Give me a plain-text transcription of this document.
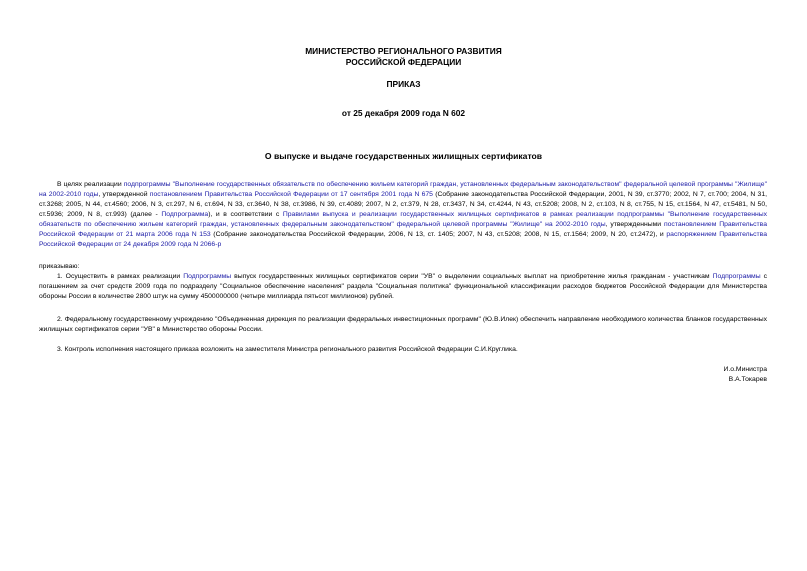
МИНИСТЕРСТВО РЕГИОНАЛЬНОГО РАЗВИТИЯ
РОССИЙСКОЙ ФЕДЕРАЦИИ
ПРИКАЗ
от 25 декабря 2009 года N 602
О выпуске и выдаче государственных жилищных сертификатов
В целях реализации подпрограммы "Выполнение государственных обязательств по обеспечению жильем категорий граждан, установленных федеральным законодательством" федеральной целевой программы "Жилище" на 2002-2010 годы, утвержденной постановлением Правительства Российской Федерации от 17 сентября 2001 года N 675 (Собрание законодательства Российской Федерации, 2001, N 39, ст.3770; 2002, N 7, ст.700; 2004, N 31, ст.3268; 2005, N 44, ст.4560; 2006, N 3, ст.297, N 6, ст.694, N 33, ст.3640, N 38, ст.3986, N 39, ст.4089; 2007, N 2, ст.379, N 28, ст.3437, N 34, ст.4244, N 43, ст.5208; 2008, N 2, ст.103, N 8, ст.755, N 15, ст.1564, N 47, ст.5481, N 50, ст.5936; 2009, N 8, ст.993) (далее - Подпрограмма), и в соответствии с Правилами выпуска и реализации государственных жилищных сертификатов в рамках реализации подпрограммы "Выполнение государственных обязательств по обеспечению жильем категорий граждан, установленных федеральным законодательством" федеральной целевой программы "Жилище" на 2002-2010 годы, утвержденными постановлением Правительства Российской Федерации от 21 марта 2006 года N 153 (Собрание законодательства Российской Федерации, 2006, N 13, ст. 1405; 2007, N 43, ст.5208; 2008, N 15, ст.1564; 2009, N 20, ст.2472), и распоряжением Правительства Российской Федерации от 24 декабря 2009 года N 2066-р
приказываю:
1. Осуществить в рамках реализации Подпрограммы выпуск государственных жилищных сертификатов серии "УВ" о выделении социальных выплат на приобретение жилья гражданам - участникам Подпрограммы с погашением за счет средств 2009 года по подразделу "Социальное обеспечение населения" раздела "Социальная политика" функциональной классификации расходов бюджетов Российской Федерации для Министерства обороны России в количестве 2800 штук на сумму 4500000000 (четыре миллиарда пятьсот миллионов) рублей.
2. Федеральному государственному учреждению "Объединенная дирекция по реализации федеральных инвестиционных программ" (Ю.В.Илек) обеспечить направление необходимого количества бланков государственных жилищных сертификатов серии "УВ" в Министерство обороны России.
3. Контроль исполнения настоящего приказа возложить на заместителя Министра регионального развития Российской Федерации С.И.Круглика.
И.о.Министра
В.А.Токарев
